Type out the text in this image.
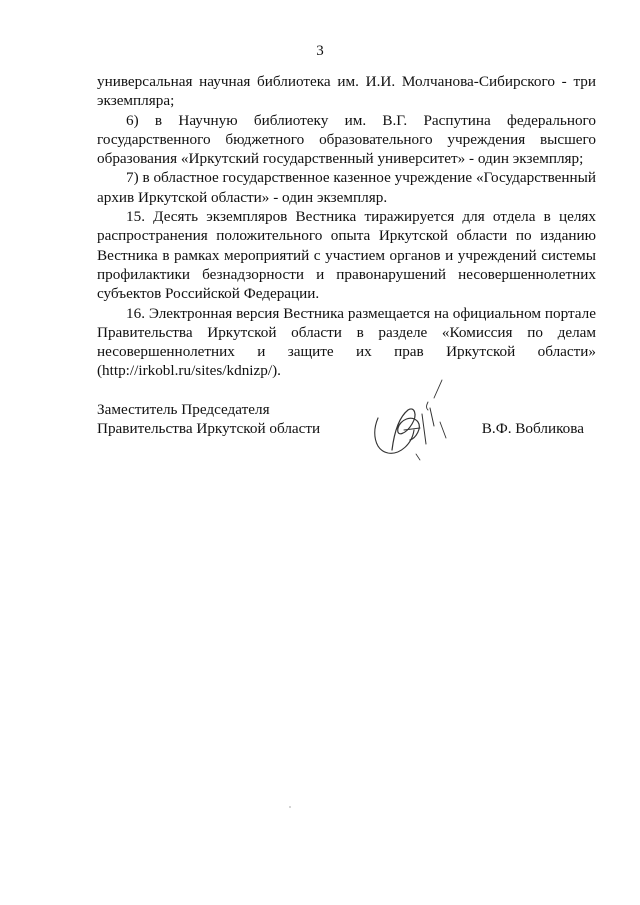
3

универсальная научная библиотека им. И.И. Молчанова-Сибирского - три экземпляра;

6) в Научную библиотеку им. В.Г. Распутина федерального государственного бюджетного образовательного учреждения высшего образования «Иркутский государственный университет» - один экземпляр;

7) в областное государственное казенное учреждение «Государственный архив Иркутской области» - один экземпляр.

15. Десять экземпляров Вестника тиражируется для отдела в целях распространения положительного опыта Иркутской области по изданию Вестника в рамках мероприятий с участием органов и учреждений системы профилактики безнадзорности и правонарушений несовершеннолетних субъектов Российской Федерации.

16. Электронная версия Вестника размещается на официальном портале Правительства Иркутской области в разделе «Комиссия по делам несовершеннолетних и защите их прав Иркутской области» (http://irkobl.ru/sites/kdnizp/).

Заместитель Председателя
Правительства Иркутской области	В.Ф. Вобликова
